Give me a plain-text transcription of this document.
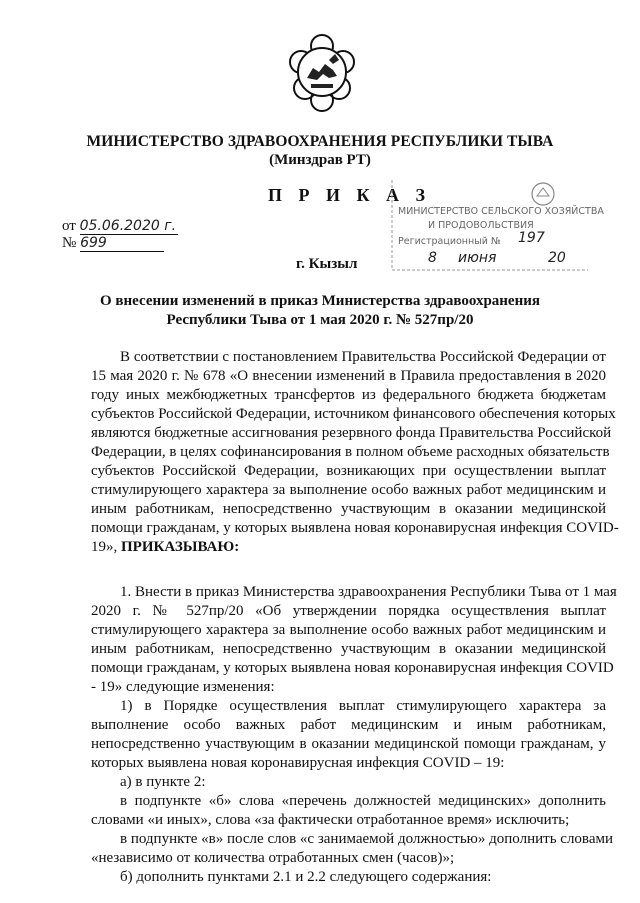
МИНИСТЕРСТВО ЗДРАВООХРАНЕНИЯ РЕСПУБЛИКИ ТЫВА
(Минздрав РТ)
П Р И К А З
от 05.06.2020 г.
№ 699
г. Кызыл
МИНИСТЕРСТВО СЕЛЬСКОГО ХОЗЯЙСТВА
И ПРОДОВОЛЬСТВИЯ
Регистрационный № 197
8 июня	20
О внесении изменений в приказ Министерства здравоохранения
Республики Тыва от 1 мая 2020 г. № 527пр/20
В соответствии с постановлением Правительства Российской Федерации от
15 мая 2020 г. № 678 «О внесении изменений в Правила предоставления в 2020
году иных межбюджетных трансфертов из федерального бюджета бюджетам
субъектов Российской Федерации, источником финансового обеспечения которых
являются бюджетные ассигнования резервного фонда Правительства Российской
Федерации, в целях софинансирования в полном объеме расходных обязательств
субъектов Российской Федерации, возникающих при осуществлении выплат
стимулирующего характера за выполнение особо важных работ медицинским и
иным работникам, непосредственно участвующим в оказании медицинской
помощи гражданам, у которых выявлена новая коронавирусная инфекция COVID-
19», ПРИКАЗЫВАЮ:
1. Внести в приказ Министерства здравоохранения Республики Тыва от 1 мая
2020 г. № 527пр/20 «Об утверждении порядка осуществления выплат
стимулирующего характера за выполнение особо важных работ медицинским и
иным работникам, непосредственно участвующим в оказании медицинской
помощи гражданам, у которых выявлена новая коронавирусная инфекция COVID
- 19» следующие изменения:
1) в Порядке осуществления выплат стимулирующего характера за
выполнение особо важных работ медицинским и иным работникам,
непосредственно участвующим в оказании медицинской помощи гражданам, у
которых выявлена новая коронавирусная инфекция COVID – 19:
а) в пункте 2:
в подпункте «б» слова «перечень должностей медицинских» дополнить
словами «и иных», слова «за фактически отработанное время» исключить;
в подпункте «в» после слов «с занимаемой должностью» дополнить словами
«независимо от количества отработанных смен (часов)»;
б) дополнить пунктами 2.1 и 2.2 следующего содержания:
